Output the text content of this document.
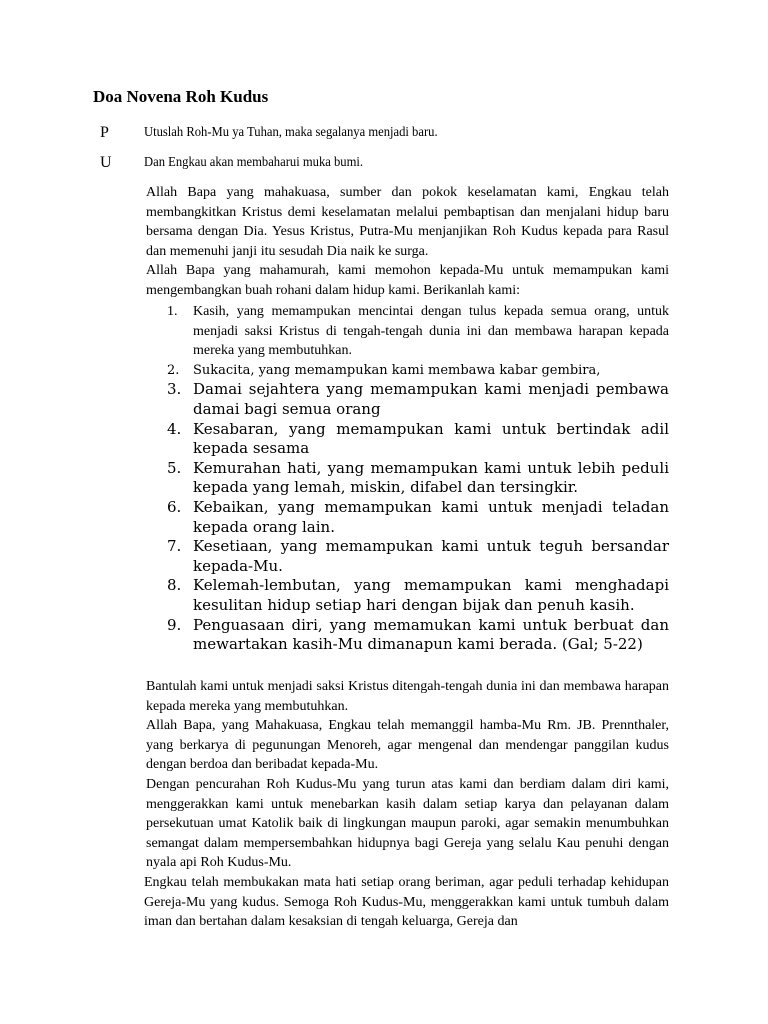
Doa Novena Roh Kudus
P	Utuslah Roh-Mu ya Tuhan, maka segalanya menjadi baru.
U Dan Engkau akan membaharui muka bumi.

Allah Bapa yang mahakuasa, sumber dan pokok keselamatan kami, Engkau telah membangkitkan Kristus demi keselamatan melalui pembaptisan dan menjalani hidup baru bersama dengan Dia. Yesus Kristus, Putra-Mu menjanjikan Roh Kudus kepada para Rasul dan memenuhi janji itu sesudah Dia naik ke surga.

Allah Bapa yang mahamurah, kami memohon kepada-Mu untuk memampukan kami mengembangkan buah rohani dalam hidup kami. Berikanlah kami:

1. Kasih, yang memampukan mencintai dengan tulus kepada semua orang, untuk menjadi saksi Kristus di tengah-tengah dunia ini dan membawa harapan kepada mereka yang membutuhkan.
2. Sukacita, yang memampukan kami membawa kabar gembira,
3. Damai sejahtera yang memampukan kami menjadi pembawa damai bagi semua orang
4. Kesabaran, yang memampukan kami untuk bertindak adil kepada sesama
5. Kemurahan hati, yang memampukan kami untuk lebih peduli kepada yang lemah, miskin, difabel dan tersingkir.
6. Kebaikan, yang memampukan kami untuk menjadi teladan kepada orang lain.
7. Kesetiaan, yang memampukan kami untuk teguh bersandar kepada-Mu.
8. Kelemah-lembutan, yang memampukan kami menghadapi kesulitan hidup setiap hari dengan bijak dan penuh kasih.
9. Penguasaan diri, yang memamukan kami untuk berbuat dan mewartakan kasih-Mu dimanapun kami berada. (Gal; 5-22)

Bantulah kami untuk menjadi saksi Kristus ditengah-tengah dunia ini dan membawa harapan kepada mereka yang membutuhkan.

Allah Bapa, yang Mahakuasa, Engkau telah memanggil hamba-Mu Rm. JB. Prennthaler, yang berkarya di pegunungan Menoreh, agar mengenal dan mendengar panggilan kudus dengan berdoa dan beribadat kepada-Mu.

Dengan pencurahan Roh Kudus-Mu yang turun atas kami dan berdiam dalam diri kami, menggerakkan kami untuk menebarkan kasih dalam setiap karya dan pelayanan dalam persekutuan umat Katolik baik di lingkungan maupun paroki, agar semakin menumbuhkan semangat dalam mempersembahkan hidupnya bagi Gereja yang selalu Kau penuhi dengan nyala api Roh Kudus-Mu.

Engkau telah membukakan mata hati setiap orang beriman, agar peduli terhadap kehidupan Gereja-Mu yang kudus. Semoga Roh Kudus-Mu, menggerakkan kami untuk tumbuh dalam iman dan bertahan dalam kesaksian di tengah keluarga, Gereja dan
